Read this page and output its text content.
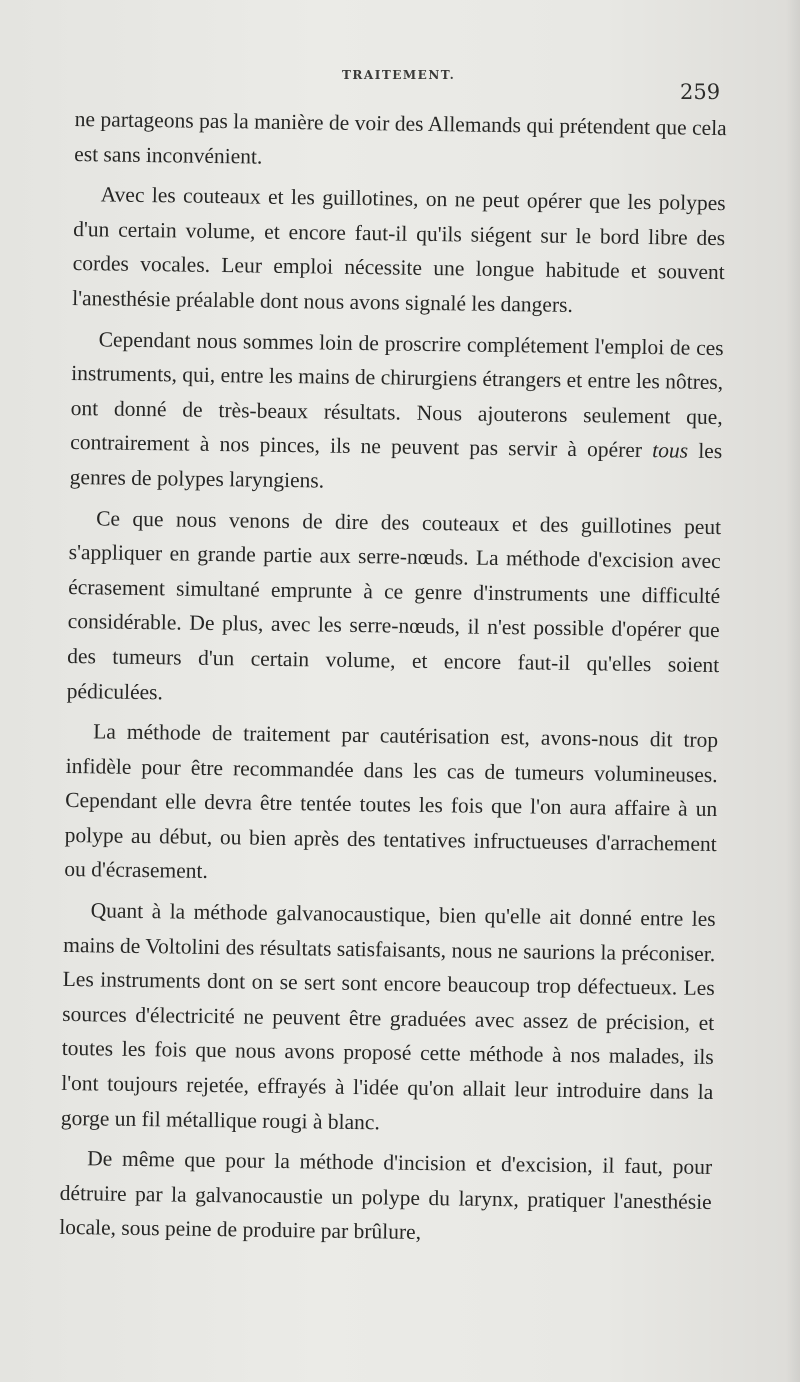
TRAITEMENT.
259

ne partageons pas la manière de voir des Allemands qui prétendent que cela est sans inconvénient.

Avec les couteaux et les guillotines, on ne peut opérer que les polypes d'un certain volume, et encore faut-il qu'ils siégent sur le bord libre des cordes vocales. Leur emploi nécessite une longue habitude et souvent l'anesthésie préalable dont nous avons signalé les dangers.

Cependant nous sommes loin de proscrire complétement l'emploi de ces instruments, qui, entre les mains de chirurgiens étrangers et entre les nôtres, ont donné de très-beaux résultats. Nous ajouterons seulement que, contrairement à nos pinces, ils ne peuvent pas servir à opérer tous les genres de polypes laryngiens.

Ce que nous venons de dire des couteaux et des guillotines peut s'appliquer en grande partie aux serre-nœuds. La méthode d'excision avec écrasement simultané emprunte à ce genre d'instruments une difficulté considérable. De plus, avec les serre-nœuds, il n'est possible d'opérer que des tumeurs d'un certain volume, et encore faut-il qu'elles soient pédiculées.

La méthode de traitement par cautérisation est, avons-nous dit trop infidèle pour être recommandée dans les cas de tumeurs volumineuses. Cependant elle devra être tentée toutes les fois que l'on aura affaire à un polype au début, ou bien après des tentatives infructueuses d'arrachement ou d'écrasement.

Quant à la méthode galvanocaustique, bien qu'elle ait donné entre les mains de Voltolini des résultats satisfaisants, nous ne saurions la préconiser. Les instruments dont on se sert sont encore beaucoup trop défectueux. Les sources d'électricité ne peuvent être graduées avec assez de précision, et toutes les fois que nous avons proposé cette méthode à nos malades, ils l'ont toujours rejetée, effrayés à l'idée qu'on allait leur introduire dans la gorge un fil métallique rougi à blanc.

De même que pour la méthode d'incision et d'excision, il faut, pour détruire par la galvanocaustie un polype du larynx, pratiquer l'anesthésie locale, sous peine de produire par brûlure,
